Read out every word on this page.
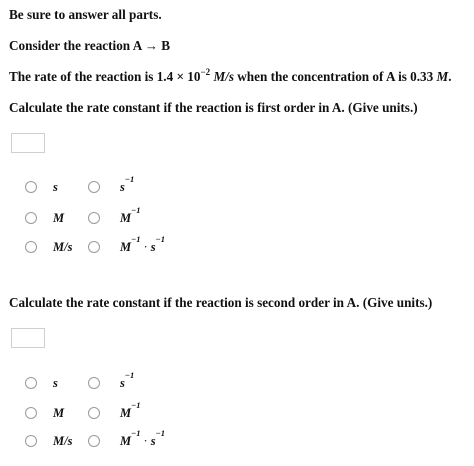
Be sure to answer all parts.
Consider the reaction A → B
The rate of the reaction is $1.4 \times 10^{-2}$ M/s when the concentration of A is 0.33 M.
Calculate the rate constant if the reaction is first order in A. (Give units.)
s	$s^{-1}$
M	$M^{-1}$
M/s	$M^{-1}\cdot s^{-1}$
Calculate the rate constant if the reaction is second order in A. (Give units.)
s	$s^{-1}$
M	$M^{-1}$
M/s	$M^{-1}\cdot s^{-1}$
